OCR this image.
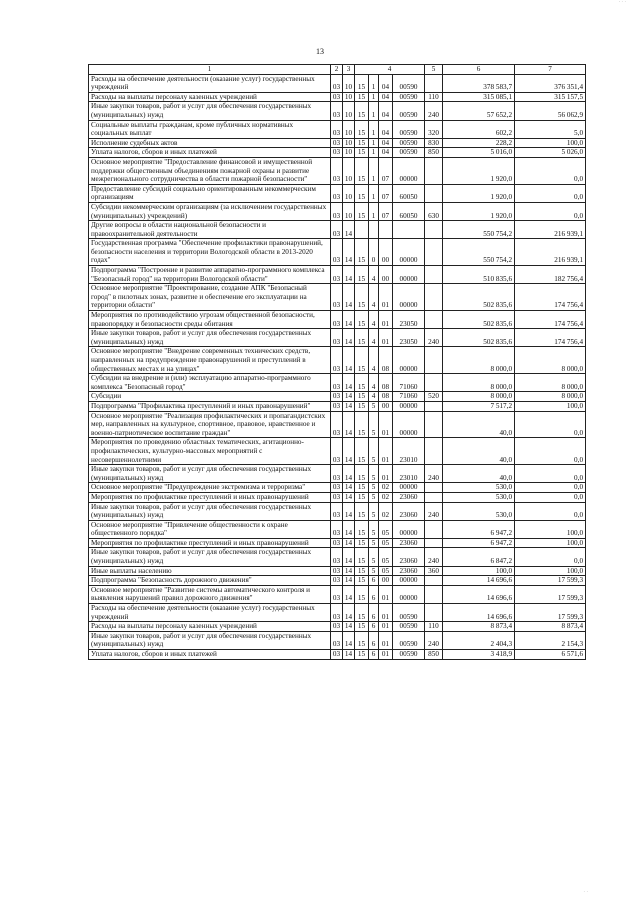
· · ·
13
1	2	3	4				5	6	7
Расходы на обеспечение деятельности (оказание услуг) государственных учреждений	03	10	15	1	04	00590		378 583,7	376 351,4
Расходы на выплаты персоналу казенных учреждений	03	10	15	1	04	00590	110	315 085,1	315 157,5
Иные закупки товаров, работ и услуг для обеспечения государственных (муниципальных) нужд	03	10	15	1	04	00590	240	57 652,2	56 062,9
Социальные выплаты гражданам, кроме публичных нормативных социальных выплат	03	10	15	1	04	00590	320	602,2	5,0
Исполнение судебных актов	03	10	15	1	04	00590	830	228,2	100,0
Уплата налогов, сборов и иных платежей	03	10	15	1	04	00590	850	5 016,0	5 026,0
Основное мероприятие "Предоставление финансовой и имущественной поддержки общественным объединениям пожарной охраны и развитие межрегионального сотрудничества в области пожарной безопасности"	03	10	15	1	07	00000		1 920,0	0,0
Предоставление субсидий социально ориентированным некоммерческим организациям	03	10	15	1	07	60050		1 920,0	0,0
Субсидии некоммерческим организациям (за исключением государственных (муниципальных) учреждений)	03	10	15	1	07	60050	630	1 920,0	0,0
Другие вопросы в области национальной безопасности и правоохранительной деятельности	03	14						550 754,2	216 939,1
Государственная программа "Обеспечение профилактики правонарушений, безопасности населения и территории Вологодской области в 2013-2020 годах"	03	14	15	0	00	00000		550 754,2	216 939,1
Подпрограмма "Построение и развитие аппаратно-программного комплекса "Безопасный город" на территории Вологодской области"	03	14	15	4	00	00000		510 835,6	182 756,4
Основное мероприятие "Проектирование, создание АПК "Безопасный город" в пилотных зонах, развитие и обеспечение его эксплуатации на территории области"	03	14	15	4	01	00000		502 835,6	174 756,4
Мероприятия по противодействию угрозам общественной безопасности, правопорядку и безопасности среды обитания	03	14	15	4	01	23050		502 835,6	174 756,4
Иные закупки товаров, работ и услуг для обеспечения государственных (муниципальных) нужд	03	14	15	4	01	23050	240	502 835,6	174 756,4
Основное мероприятие "Внедрение современных технических средств, направленных на предупреждение правонарушений и преступлений в общественных местах и на улицах"	03	14	15	4	08	00000		8 000,0	8 000,0
Субсидии на внедрение и (или) эксплуатацию аппаратно-программного комплекса "Безопасный город"	03	14	15	4	08	71060		8 000,0	8 000,0
Субсидии	03	14	15	4	08	71060	520	8 000,0	8 000,0
Подпрограмма "Профилактика преступлений и иных правонарушений"	03	14	15	5	00	00000		7 517,2	100,0
Основное мероприятие "Реализация профилактических и пропагандистских мер, направленных на культурное, спортивное, правовое, нравственное и военно-патриотическое воспитание граждан"	03	14	15	5	01	00000		40,0	0,0
Мероприятия по проведению областных тематических, агитационно-профилактических, культурно-массовых мероприятий с несовершеннолетними	03	14	15	5	01	23010		40,0	0,0
Иные закупки товаров, работ и услуг для обеспечения государственных (муниципальных) нужд	03	14	15	5	01	23010	240	40,0	0,0
Основное мероприятие "Предупреждение экстремизма и терроризма"	03	14	15	5	02	00000		530,0	0,0
Мероприятия по профилактике преступлений и иных правонарушений	03	14	15	5	02	23060		530,0	0,0
Иные закупки товаров, работ и услуг для обеспечения государственных (муниципальных) нужд	03	14	15	5	02	23060	240	530,0	0,0
Основное мероприятие "Привлечение общественности к охране общественного порядка"	03	14	15	5	05	00000		6 947,2	100,0
Мероприятия по профилактике преступлений и иных правонарушений	03	14	15	5	05	23060		6 947,2	100,0
Иные закупки товаров, работ и услуг для обеспечения государственных (муниципальных) нужд	03	14	15	5	05	23060	240	6 847,2	0,0
Иные выплаты населению	03	14	15	5	05	23060	360	100,0	100,0
Подпрограмма "Безопасность дорожного движения"	03	14	15	6	00	00000		14 696,6	17 599,3
Основное мероприятие "Развитие системы автоматического контроля и выявления нарушений правил дорожного движения"	03	14	15	6	01	00000		14 696,6	17 599,3
Расходы на обеспечение деятельности (оказание услуг) государственных учреждений	03	14	15	6	01	00590		14 696,6	17 599,3
Расходы на выплаты персоналу казенных учреждений	03	14	15	6	01	00590	110	8 873,4	8 873,4
Иные закупки товаров, работ и услуг для обеспечения государственных (муниципальных) нужд	03	14	15	6	01	00590	240	2 404,3	2 154,3
Уплата налогов, сборов и иных платежей	03	14	15	6	01	00590	850	3 418,9	6 571,6
· ·
